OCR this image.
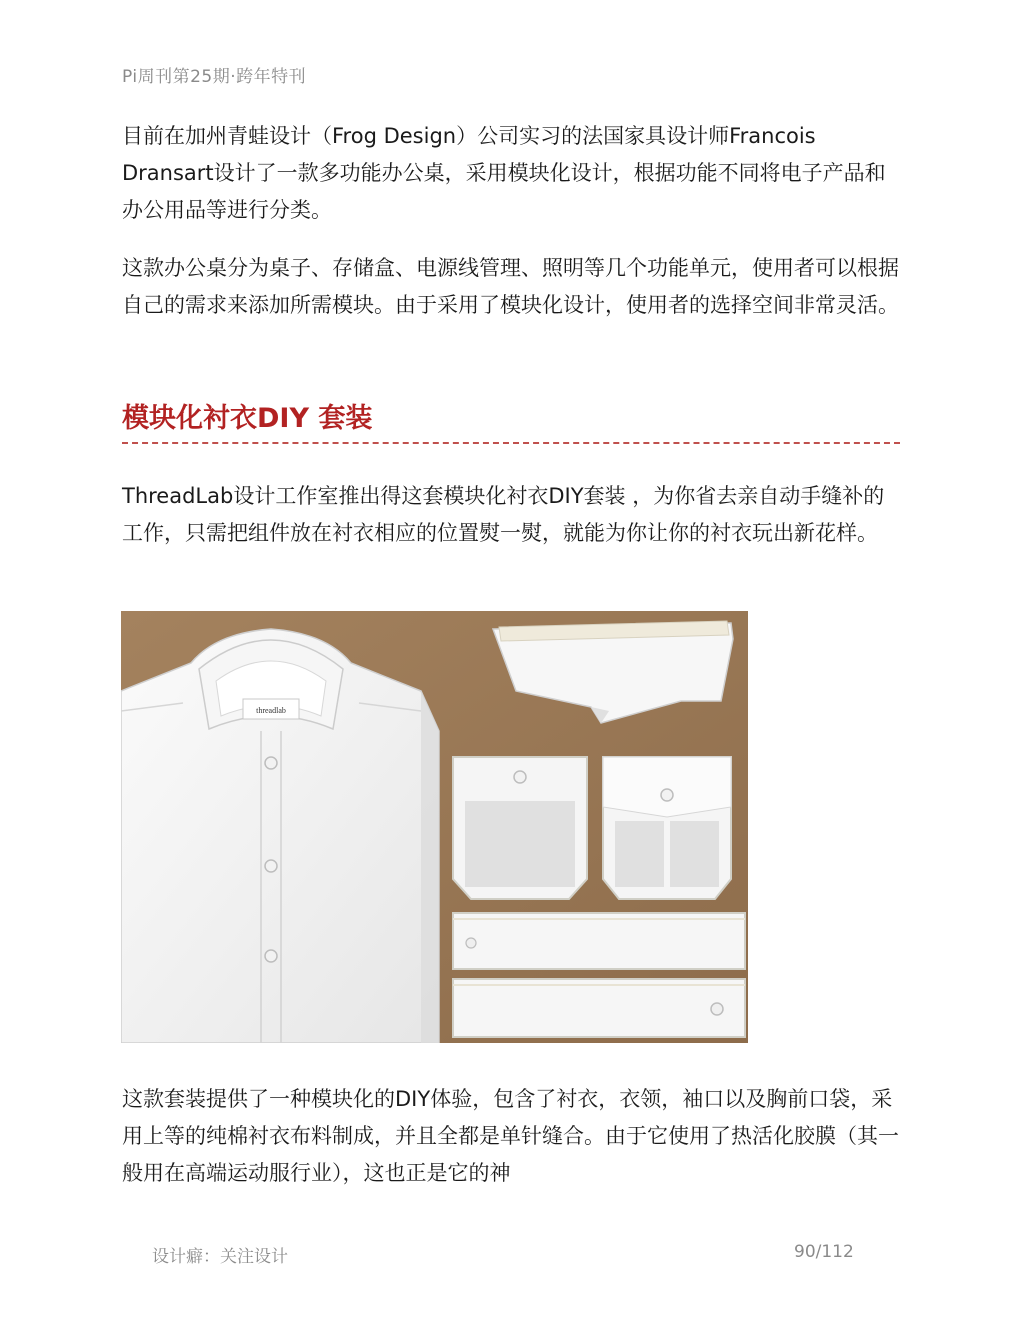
Pi周刊第25期·跨年特刊

目前在加州青蛙设计（Frog Design）公司实习的法国家具设计师Francois Dransart设计了一款多功能办公桌，采用模块化设计，根据功能不同将电子产品和办公用品等进行分类。

这款办公桌分为桌子、存储盒、电源线管理、照明等几个功能单元，使用者可以根据自己的需求来添加所需模块。由于采用了模块化设计，使用者的选择空间非常灵活。

模块化衬衣DIY 套装

ThreadLab设计工作室推出得这套模块化衬衣DIY套装 ，为你省去亲自动手缝补的工作，只需把组件放在衬衣相应的位置熨一熨，就能为你让你的衬衣玩出新花样。

threadlab

这款套装提供了一种模块化的DIY体验，包含了衬衣，衣领，袖口以及胸前口袋，采用上等的纯棉衬衣布料制成，并且全都是单针缝合。由于它使用了热活化胶膜（其一般用在高端运动服行业），这也正是它的神

设计癖：关注设计	90/112
